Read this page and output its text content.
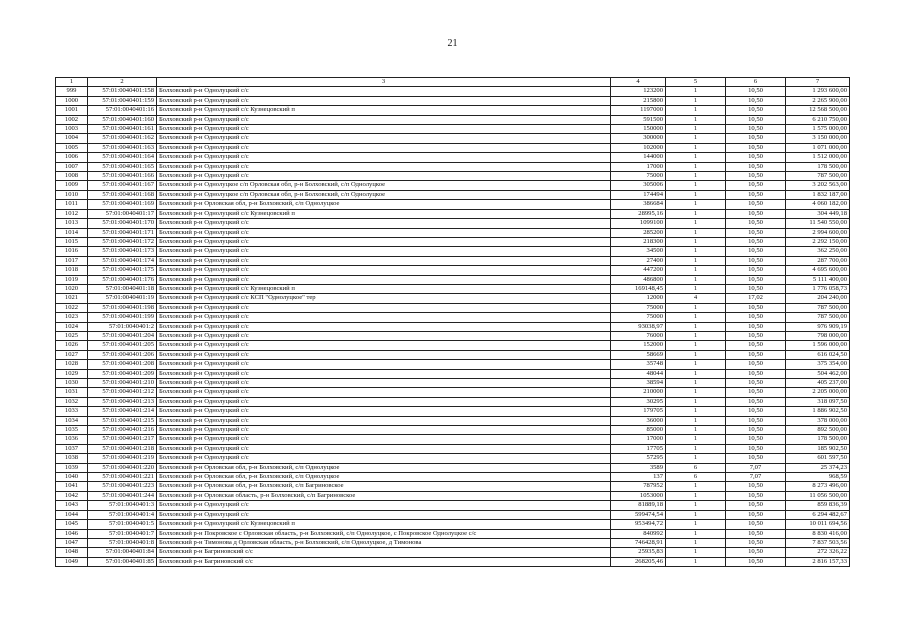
21
1	2	3	4	5	6	7
999	57:01:0040401:158	Болховский р-н Однолуцкий с/с	123200	1	10,50	1 293 600,00
1000	57:01:0040401:159	Болховский р-н Однолуцкий с/с	215800	1	10,50	2 265 900,00
1001	57:01:0040401:16	Болховский р-н Однолуцкий с/с Кузнецовский п	1197000	1	10,50	12 568 500,00
1002	57:01:0040401:160	Болховский р-н Однолуцкий с/с	591500	1	10,50	6 210 750,00
1003	57:01:0040401:161	Болховский р-н Однолуцкий с/с	150000	1	10,50	1 575 000,00
1004	57:01:0040401:162	Болховский р-н Однолуцкий с/с	300000	1	10,50	3 150 000,00
1005	57:01:0040401:163	Болховский р-н Однолуцкий с/с	102000	1	10,50	1 071 000,00
1006	57:01:0040401:164	Болховский р-н Однолуцкий с/с	144000	1	10,50	1 512 000,00
1007	57:01:0040401:165	Болховский р-н Однолуцкий с/с	17000	1	10,50	178 500,00
1008	57:01:0040401:166	Болховский р-н Однолуцкий с/с	75000	1	10,50	787 500,00
1009	57:01:0040401:167	Болховский р-н Однолуцкое с/п Орловская обл, р-н Болховский, с/п Однолуцкое	305006	1	10,50	3 202 563,00
1010	57:01:0040401:168	Болховский р-н Однолуцкое с/п Орловская обл, р-н Болховский, с/п Однолуцкое	174494	1	10,50	1 832 187,00
1011	57:01:0040401:169	Болховский р-н Орловская обл, р-н Болховский, с/п Однолуцкое	386684	1	10,50	4 060 182,00
1012	57:01:0040401:17	Болховский р-н Однолуцкий с/с Кузнецовский п	28995,16	1	10,50	304 449,18
1013	57:01:0040401:170	Болховский р-н Однолуцкий с/с	1099100	1	10,50	11 540 550,00
1014	57:01:0040401:171	Болховский р-н Однолуцкий с/с	285200	1	10,50	2 994 600,00
1015	57:01:0040401:172	Болховский р-н Однолуцкий с/с	218300	1	10,50	2 292 150,00
1016	57:01:0040401:173	Болховский р-н Однолуцкий с/с	34500	1	10,50	362 250,00
1017	57:01:0040401:174	Болховский р-н Однолуцкий с/с	27400	1	10,50	287 700,00
1018	57:01:0040401:175	Болховский р-н Однолуцкий с/с	447200	1	10,50	4 695 600,00
1019	57:01:0040401:176	Болховский р-н Однолуцкий с/с	486800	1	10,50	5 111 400,00
1020	57:01:0040401:18	Болховский р-н Однолуцкий с/с Кузнецовский п	169148,45	1	10,50	1 776 058,73
1021	57:01:0040401:19	Болховский р-н Однолуцкий с/с КСП "Однолуцкое" тер	12000	4	17,02	204 240,00
1022	57:01:0040401:198	Болховский р-н Однолуцкий с/с	75000	1	10,50	787 500,00
1023	57:01:0040401:199	Болховский р-н Однолуцкий с/с	75000	1	10,50	787 500,00
1024	57:01:0040401:2	Болховский р-н Однолуцкий с/с	93038,97	1	10,50	976 909,19
1025	57:01:0040401:204	Болховский р-н Однолуцкий с/с	76000	1	10,50	798 000,00
1026	57:01:0040401:205	Болховский р-н Однолуцкий с/с	152000	1	10,50	1 596 000,00
1027	57:01:0040401:206	Болховский р-н Однолуцкий с/с	58669	1	10,50	616 024,50
1028	57:01:0040401:208	Болховский р-н Однолуцкий с/с	35748	1	10,50	375 354,00
1029	57:01:0040401:209	Болховский р-н Однолуцкий с/с	48044	1	10,50	504 462,00
1030	57:01:0040401:210	Болховский р-н Однолуцкий с/с	38594	1	10,50	405 237,00
1031	57:01:0040401:212	Болховский р-н Однолуцкий с/с	210000	1	10,50	2 205 000,00
1032	57:01:0040401:213	Болховский р-н Однолуцкий с/с	30295	1	10,50	318 097,50
1033	57:01:0040401:214	Болховский р-н Однолуцкий с/с	179705	1	10,50	1 886 902,50
1034	57:01:0040401:215	Болховский р-н Однолуцкий с/с	36000	1	10,50	378 000,00
1035	57:01:0040401:216	Болховский р-н Однолуцкий с/с	85000	1	10,50	892 500,00
1036	57:01:0040401:217	Болховский р-н Однолуцкий с/с	17000	1	10,50	178 500,00
1037	57:01:0040401:218	Болховский р-н Однолуцкий с/с	17705	1	10,50	185 902,50
1038	57:01:0040401:219	Болховский р-н Однолуцкий с/с	57295	1	10,50	601 597,50
1039	57:01:0040401:220	Болховский р-н Орловская обл, р-н Болховский, с/п Однолуцкое	3589	6	7,07	25 374,23
1040	57:01:0040401:221	Болховский р-н Орловская обл, р-н Болховский, с/п Однолуцкое	137	6	7,07	968,59
1041	57:01:0040401:223	Болховский р-н Орловская обл, р-н Болховский, с/п Багриновское	787952	1	10,50	8 273 496,00
1042	57:01:0040401:244	Болховский р-н Орловская область, р-н Болховский, с/п Багриновское	1053000	1	10,50	11 056 500,00
1043	57:01:0040401:3	Болховский р-н Однолуцкий с/с	81889,18	1	10,50	859 836,39
1044	57:01:0040401:4	Болховский р-н Однолуцкий с/с	599474,54	1	10,50	6 294 482,67
1045	57:01:0040401:5	Болховский р-н Однолуцкий с/с Кузнецовский п	953494,72	1	10,50	10 011 694,56
1046	57:01:0040401:7	Болховский р-н Покровское с Орловская область, р-н Болховский, с/п Однолуцкое, с Покровское Однолуцкое с/с	840992	1	10,50	8 830 416,00
1047	57:01:0040401:8	Болховский р-н Тимонова д Орловская область, р-н Болховский, с/п Однолуцкое, д Тимонова	746428,91	1	10,50	7 837 503,56
1048	57:01:0040401:84	Болховский р-н Багриновский с/с	25935,83	1	10,50	272 326,22
1049	57:01:0040401:85	Болховский р-н Багриновский с/с	268205,46	1	10,50	2 816 157,33
